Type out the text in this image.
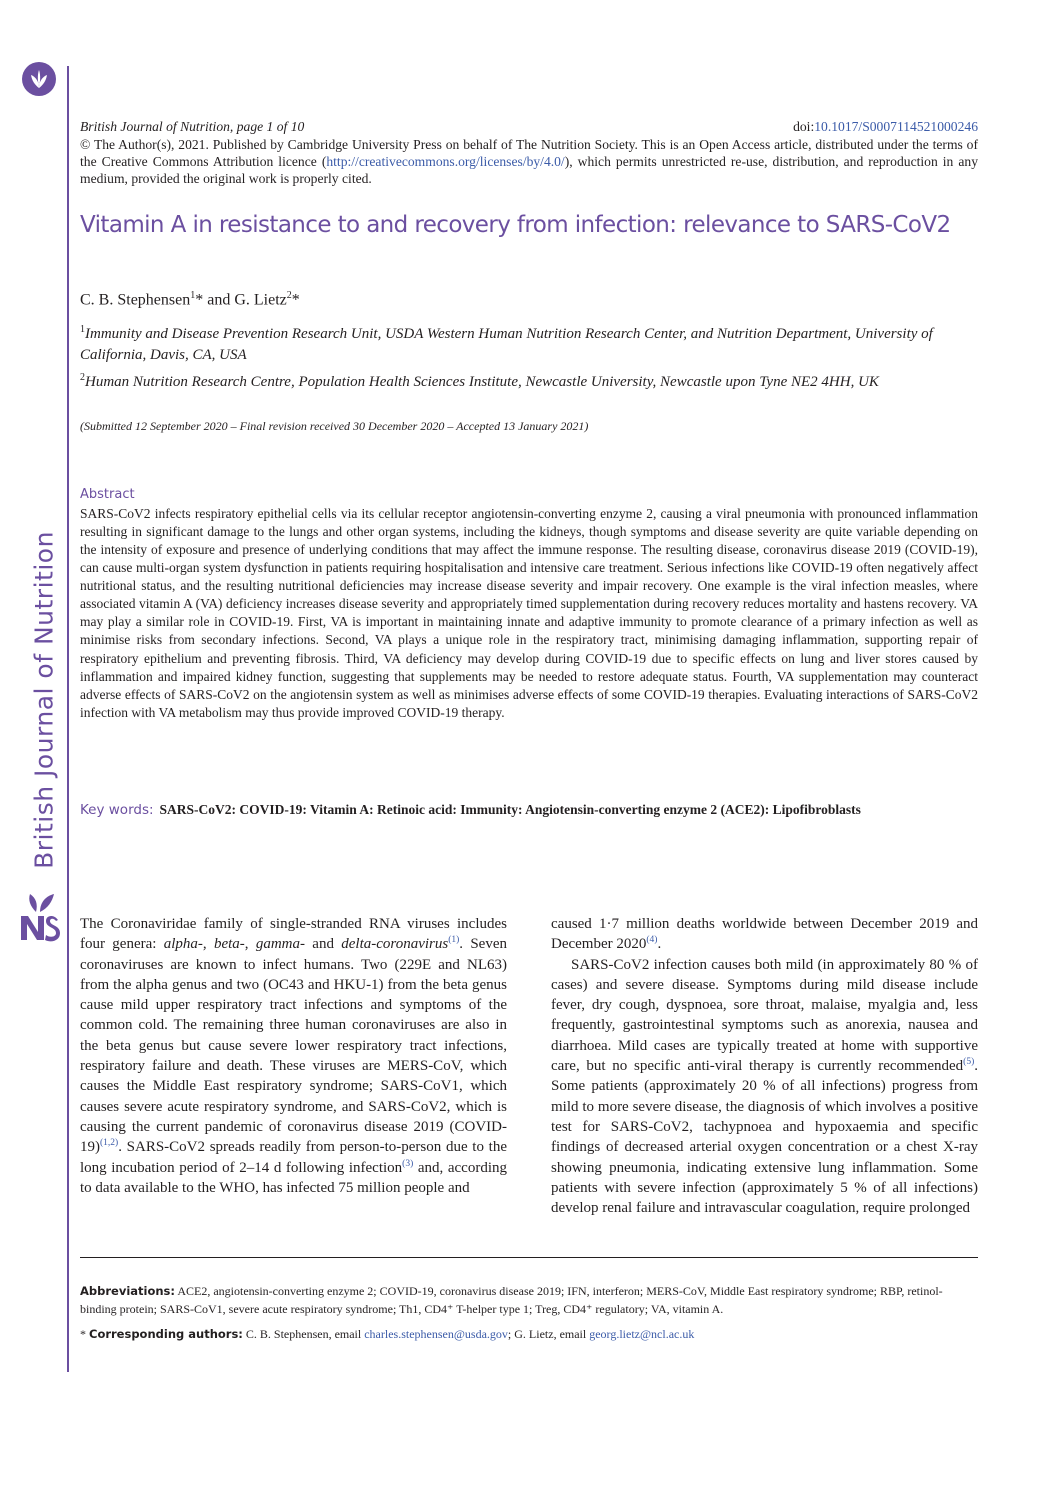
British Journal of Nutrition
British Journal of Nutrition, page 1 of 10	doi:10.1017/S0007114521000246
© The Author(s), 2021. Published by Cambridge University Press on behalf of The Nutrition Society. This is an Open Access article, distributed under the terms of the Creative Commons Attribution licence (http://creativecommons.org/licenses/by/4.0/), which permits unrestricted re-use, distribution, and reproduction in any medium, provided the original work is properly cited.
Vitamin A in resistance to and recovery from infection: relevance to SARS-CoV2
C. B. Stephensen$^1$* and G. Lietz$^2$*
$^1$Immunity and Disease Prevention Research Unit, USDA Western Human Nutrition Research Center, and Nutrition Department, University of California, Davis, CA, USA
$^2$Human Nutrition Research Centre, Population Health Sciences Institute, Newcastle University, Newcastle upon Tyne NE2 4HH, UK
(Submitted 12 September 2020 – Final revision received 30 December 2020 – Accepted 13 January 2021)
Abstract
SARS-CoV2 infects respiratory epithelial cells via its cellular receptor angiotensin-converting enzyme 2, causing a viral pneumonia with pronounced inflammation resulting in significant damage to the lungs and other organ systems, including the kidneys, though symptoms and disease severity are quite variable depending on the intensity of exposure and presence of underlying conditions that may affect the immune response. The resulting disease, coronavirus disease 2019 (COVID-19), can cause multi-organ system dysfunction in patients requiring hospitalisation and intensive care treatment. Serious infections like COVID-19 often negatively affect nutritional status, and the resulting nutritional deficiencies may increase disease severity and impair recovery. One example is the viral infection measles, where associated vitamin A (VA) deficiency increases disease severity and appropriately timed supplementation during recovery reduces mortality and hastens recovery. VA may play a similar role in COVID-19. First, VA is important in maintaining innate and adaptive immunity to promote clearance of a primary infection as well as minimise risks from secondary infections. Second, VA plays a unique role in the respiratory tract, minimising damaging inflammation, supporting repair of respiratory epithelium and preventing fibrosis. Third, VA deficiency may develop during COVID-19 due to specific effects on lung and liver stores caused by inflammation and impaired kidney function, suggesting that supplements may be needed to restore adequate status. Fourth, VA supplementation may counteract adverse effects of SARS-CoV2 on the angiotensin system as well as minimises adverse effects of some COVID-19 therapies. Evaluating interactions of SARS-CoV2 infection with VA metabolism may thus provide improved COVID-19 therapy.
Key words: SARS-CoV2: COVID-19: Vitamin A: Retinoic acid: Immunity: Angiotensin-converting enzyme 2 (ACE2): Lipofibroblasts

The Coronaviridae family of single-stranded RNA viruses includes four genera: alpha-, beta-, gamma- and delta-coronavirus$^{(1)}$. Seven coronaviruses are known to infect humans. Two (229E and NL63) from the alpha genus and two (OC43 and HKU-1) from the beta genus cause mild upper respiratory tract infections and symptoms of the common cold. The remaining three human coronaviruses are also in the beta genus but cause severe lower respiratory tract infections, respiratory failure and death. These viruses are MERS-CoV, which causes the Middle East respiratory syndrome; SARS-CoV1, which causes severe acute respiratory syndrome, and SARS-CoV2, which is causing the current pandemic of coronavirus disease 2019 (COVID-19)$^{(1,2)}$. SARS-CoV2 spreads readily from person-to-person due to the long incubation period of 2–14 d following infection$^{(3)}$ and, according to data available to the WHO, has infected 75 million people and

caused 1·7 million deaths worldwide between December 2019 and December 2020$^{(4)}$.

SARS-CoV2 infection causes both mild (in approximately 80 % of cases) and severe disease. Symptoms during mild disease include fever, dry cough, dyspnoea, sore throat, malaise, myalgia and, less frequently, gastrointestinal symptoms such as anorexia, nausea and diarrhoea. Mild cases are typically treated at home with supportive care, but no specific anti-viral therapy is currently recommended$^{(5)}$. Some patients (approximately 20 % of all infections) progress from mild to more severe disease, the diagnosis of which involves a positive test for SARS-CoV2, tachypnoea and hypoxaemia and specific findings of decreased arterial oxygen concentration or a chest X-ray showing pneumonia, indicating extensive lung inflammation. Some patients with severe infection (approximately 5 % of all infections) develop renal failure and intravascular coagulation, require prolonged

Abbreviations: ACE2, angiotensin-converting enzyme 2; COVID-19, coronavirus disease 2019; IFN, interferon; MERS-CoV, Middle East respiratory syndrome; RBP, retinol-binding protein; SARS-CoV1, severe acute respiratory syndrome; Th1, CD4⁺ T-helper type 1; Treg, CD4⁺ regulatory; VA, vitamin A.
* Corresponding authors: C. B. Stephensen, email charles.stephensen@usda.gov; G. Lietz, email georg.lietz@ncl.ac.uk
